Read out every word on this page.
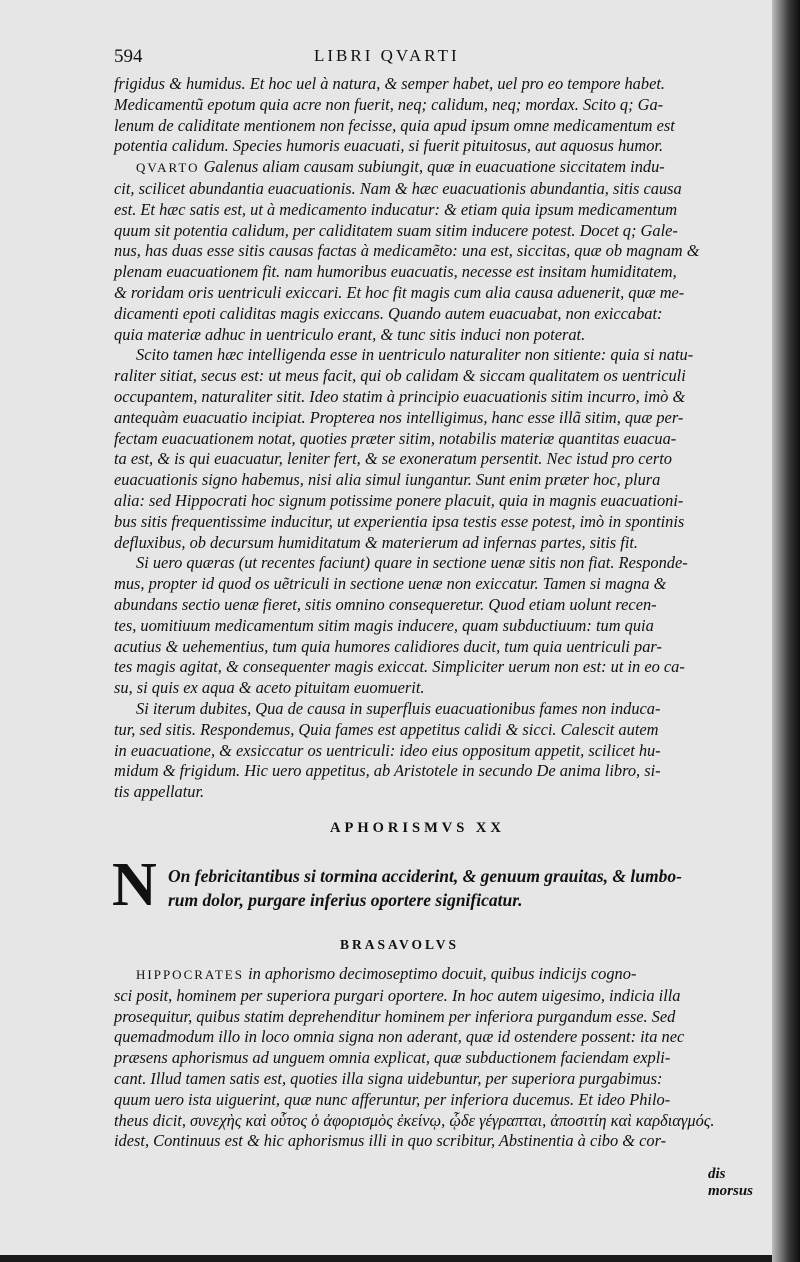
594	LIBRI QVARTI

frigidus & humidus. Et hoc uel à natura, & semper habet, uel pro eo tempore habet.

Medicamentũ epotum quia acre non fuerit, neq; calidum, neq; mordax. Scito q; Ga-

lenum de caliditate mentionem non fecisse, quia apud ipsum omne medicamentum est

potentia calidum. Species humoris euacuati, si fuerit pituitosus, aut aquosus humor.

QVARTO Galenus aliam causam subiungit, quæ in euacuatione siccitatem indu-

cit, scilicet abundantia euacuationis. Nam & hæc euacuationis abundantia, sitis causa

est. Et hæc satis est, ut à medicamento inducatur: & etiam quia ipsum medicamentum

quum sit potentia calidum, per caliditatem suam sitim inducere potest. Docet q; Gale-

nus, has duas esse sitis causas factas à medicamẽto: una est, siccitas, quæ ob magnam &

plenam euacuationem fit. nam humoribus euacuatis, necesse est insitam humiditatem,

& roridam oris uentriculi exiccari. Et hoc fit magis cum alia causa aduenerit, quæ me-

dicamenti epoti caliditas magis exiccans. Quando autem euacuabat, non exiccabat:

quia materiæ adhuc in uentriculo erant, & tunc sitis induci non poterat.

Scito tamen hæc intelligenda esse in uentriculo naturaliter non sitiente: quia si natu-

raliter sitiat, secus est: ut meus facit, qui ob calidam & siccam qualitatem os uentriculi

occupantem, naturaliter sitit. Ideo statim à principio euacuationis sitim incurro, imò &

antequàm euacuatio incipiat. Propterea nos intelligimus, hanc esse illã sitim, quæ per-

fectam euacuationem notat, quoties præter sitim, notabilis materiæ quantitas euacua-

ta est, & is qui euacuatur, leniter fert, & se exoneratum persentit. Nec istud pro certo

euacuationis signo habemus, nisi alia simul iungantur. Sunt enim præter hoc, plura

alia: sed Hippocrati hoc signum potissime ponere placuit, quia in magnis euacuationi-

bus sitis frequentissime inducitur, ut experientia ipsa testis esse potest, imò in spontinis

defluxibus, ob decursum humiditatum & materierum ad infernas partes, sitis fit.

Si uero quæras (ut recentes faciunt) quare in sectione uenæ sitis non fiat. Responde-

mus, propter id quod os uẽtriculi in sectione uenæ non exiccatur. Tamen si magna &

abundans sectio uenæ fieret, sitis omnino consequeretur. Quod etiam uolunt recen-

tes, uomitiuum medicamentum sitim magis inducere, quam subductiuum: tum quia

acutius & uehementius, tum quia humores calidiores ducit, tum quia uentriculi par-

tes magis agitat, & consequenter magis exiccat. Simpliciter uerum non est: ut in eo ca-

su, si quis ex aqua & aceto pituitam euomuerit.

Si iterum dubites, Qua de causa in superfluis euacuationibus fames non induca-

tur, sed sitis. Respondemus, Quia fames est appetitus calidi & sicci. Calescit autem

in euacuatione, & exsiccatur os uentriculi: ideo eius oppositum appetit, scilicet hu-

midum & frigidum. Hic uero appetitus, ab Aristotele in secundo De anima libro, si-

tis appellatur.

APHORISMVS XX
N On febricitantibus si tormina acciderint, & genuum grauitas, & lumbo-
rum dolor, purgare inferius oportere significatur.
BRASAVOLVS

HIPPOCRATES in aphorismo decimoseptimo docuit, quibus indicijs cogno-

sci posit, hominem per superiora purgari oportere. In hoc autem uigesimo, indicia illa

prosequitur, quibus statim deprehenditur hominem per inferiora purgandum esse. Sed

quemadmodum illo in loco omnia signa non aderant, quæ id ostendere possent: ita nec

præsens aphorismus ad unguem omnia explicat, quæ subductionem faciendam expli-

cant. Illud tamen satis est, quoties illa signa uidebuntur, per superiora purgabimus:

quum uero ista uiguerint, quæ nunc afferuntur, per inferiora ducemus. Et ideo Philo-

theus dicit, συνεχὴς καὶ οὗτος ὁ ἀφορισμὸς ἐκείνῳ, ᾧδε γέγραπται, ἀποσιτίη καὶ καρδιαγμός.

idest, Continuus est & hic aphorismus illi in quo scribitur, Abstinentia à cibo & cor-

dis morsus
